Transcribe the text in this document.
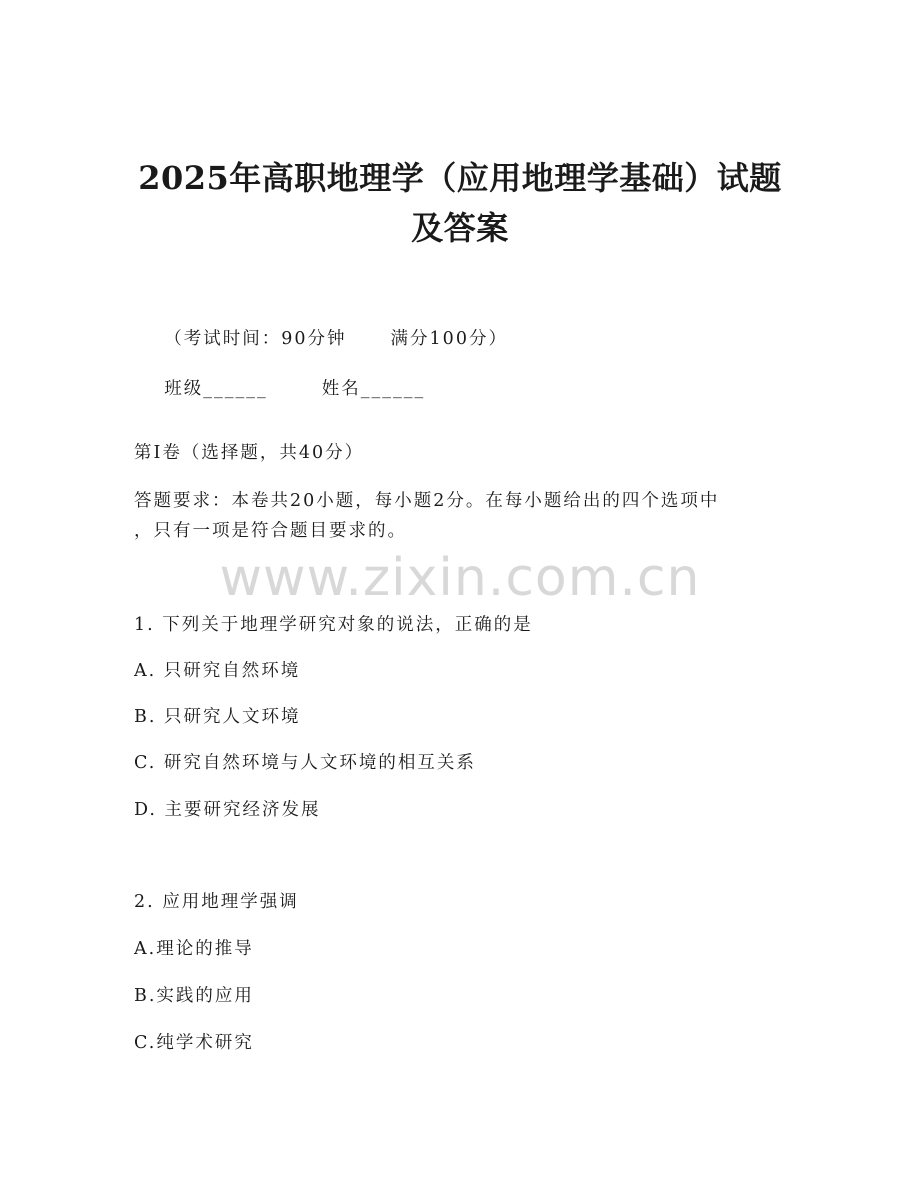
2025年高职地理学（应用地理学基础）试题
及答案

（考试时间：90分钟	满分100分）

班级______	姓名______

第I卷（选择题，共40分）
答题要求：本卷共20小题，每小题2分。在每小题给出的四个选项中
，只有一项是符合题目要求的。
www.zixin.com.cn
1. 下列关于地理学研究对象的说法，正确的是
A. 只研究自然环境
B. 只研究人文环境
C. 研究自然环境与人文环境的相互关系
D. 主要研究经济发展
2. 应用地理学强调
A.理论的推导
B.实践的应用
C.纯学术研究
